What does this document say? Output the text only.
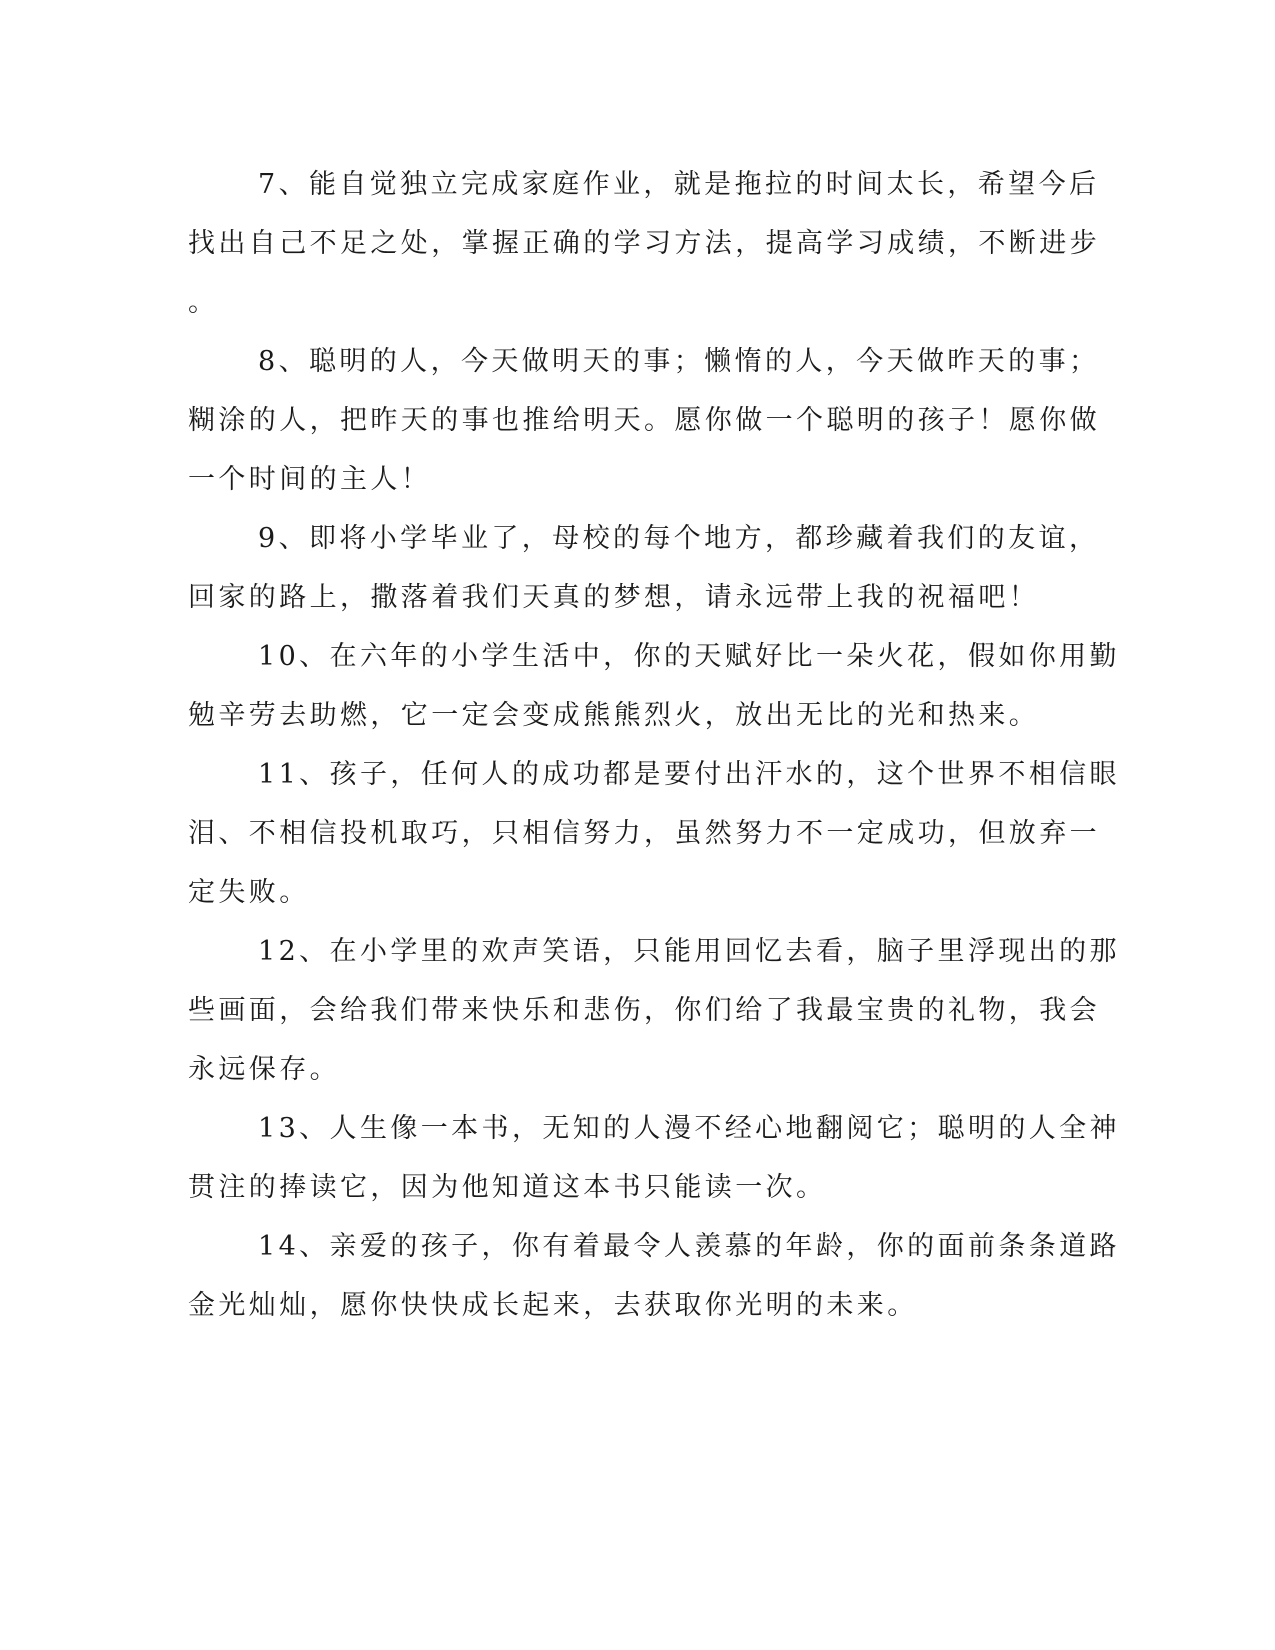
7、能自觉独立完成家庭作业，就是拖拉的时间太长，希望今后
找出自己不足之处，掌握正确的学习方法，提高学习成绩，不断进步
。

8、聪明的人，今天做明天的事；懒惰的人，今天做昨天的事；
糊涂的人，把昨天的事也推给明天。愿你做一个聪明的孩子！愿你做
一个时间的主人！

9、即将小学毕业了，母校的每个地方，都珍藏着我们的友谊，
回家的路上，撒落着我们天真的梦想，请永远带上我的祝福吧！

10、在六年的小学生活中，你的天赋好比一朵火花，假如你用勤
勉辛劳去助燃，它一定会变成熊熊烈火，放出无比的光和热来。

11、孩子，任何人的成功都是要付出汗水的，这个世界不相信眼
泪、不相信投机取巧，只相信努力，虽然努力不一定成功，但放弃一
定失败。

12、在小学里的欢声笑语，只能用回忆去看，脑子里浮现出的那
些画面，会给我们带来快乐和悲伤，你们给了我最宝贵的礼物，我会
永远保存。

13、人生像一本书，无知的人漫不经心地翻阅它；聪明的人全神
贯注的捧读它，因为他知道这本书只能读一次。

14、亲爱的孩子，你有着最令人羡慕的年龄，你的面前条条道路
金光灿灿，愿你快快成长起来，去获取你光明的未来。
